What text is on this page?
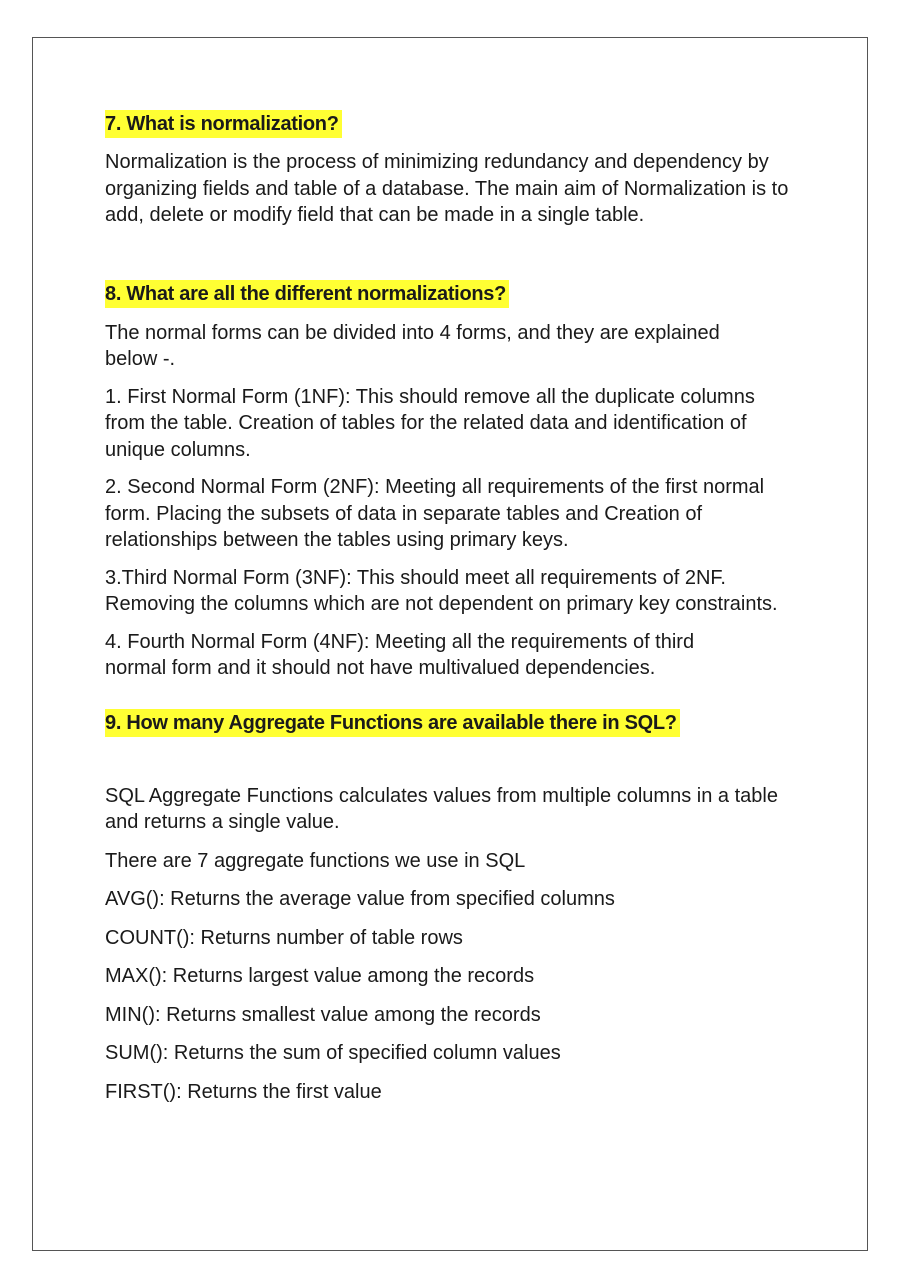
7. What is normalization?

Normalization is the process of minimizing redundancy and dependency by organizing fields and table of a database. The main aim of Normalization is to add, delete or modify field that can be made in a single table.

8. What are all the different normalizations?

The normal forms can be divided into 4 forms, and they are explained below -.

1. First Normal Form (1NF): This should remove all the duplicate columns from the table. Creation of tables for the related data and identification of unique columns.

2. Second Normal Form (2NF): Meeting all requirements of the first normal form. Placing the subsets of data in separate tables and Creation of relationships between the tables using primary keys.

3.Third Normal Form (3NF): This should meet all requirements of 2NF. Removing the columns which are not dependent on primary key constraints.

4. Fourth Normal Form (4NF): Meeting all the requirements of third normal form and it should not have multivalued dependencies.

9. How many Aggregate Functions are available there in SQL?

SQL Aggregate Functions calculates values from multiple columns in a table and returns a single value.

There are 7 aggregate functions we use in SQL

AVG(): Returns the average value from specified columns

COUNT(): Returns number of table rows

MAX(): Returns largest value among the records

MIN(): Returns smallest value among the records

SUM(): Returns the sum of specified column values

FIRST(): Returns the first value
